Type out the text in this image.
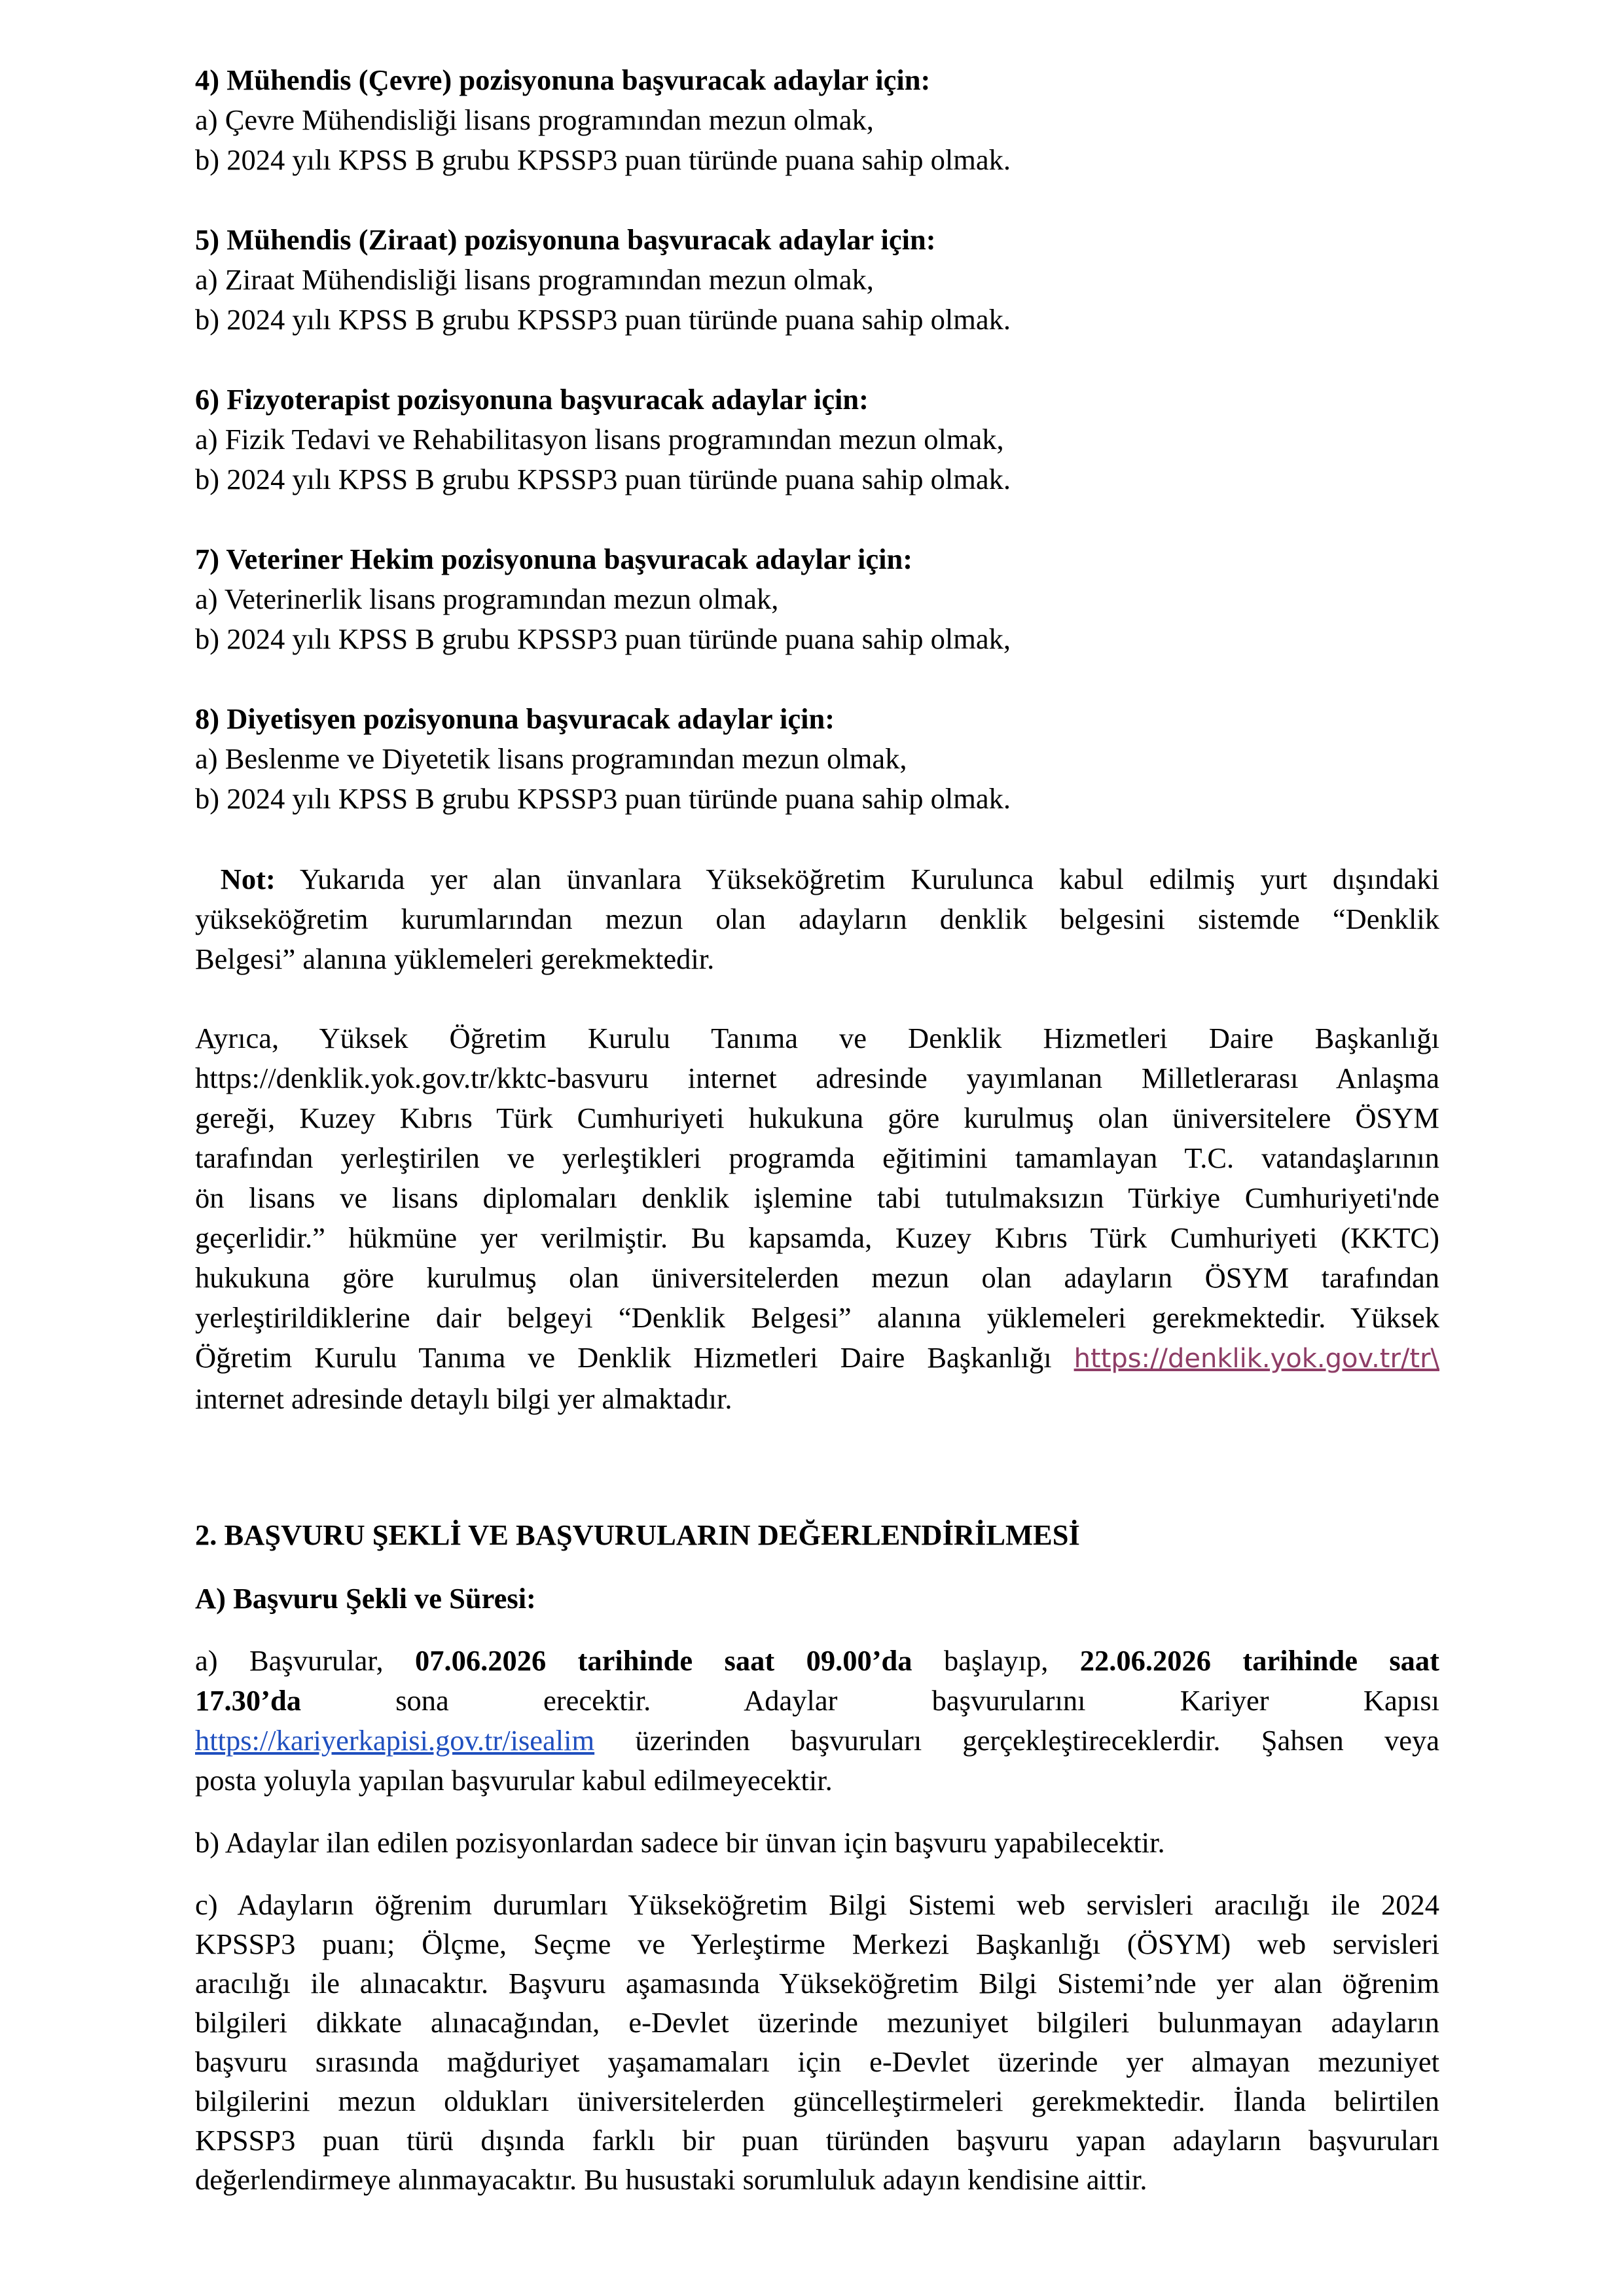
4) Mühendis (Çevre) pozisyonuna başvuracak adaylar için:
a) Çevre Mühendisliği lisans programından mezun olmak,
b) 2024 yılı KPSS B grubu KPSSP3 puan türünde puana sahip olmak.
5) Mühendis (Ziraat) pozisyonuna başvuracak adaylar için:
a) Ziraat Mühendisliği lisans programından mezun olmak,
b) 2024 yılı KPSS B grubu KPSSP3 puan türünde puana sahip olmak.
6) Fizyoterapist pozisyonuna başvuracak adaylar için:
a) Fizik Tedavi ve Rehabilitasyon lisans programından mezun olmak,
b) 2024 yılı KPSS B grubu KPSSP3 puan türünde puana sahip olmak.
7) Veteriner Hekim pozisyonuna başvuracak adaylar için:
a) Veterinerlik lisans programından mezun olmak,
b) 2024 yılı KPSS B grubu KPSSP3 puan türünde puana sahip olmak,
8) Diyetisyen pozisyonuna başvuracak adaylar için:
a) Beslenme ve Diyetetik lisans programından mezun olmak,
b) 2024 yılı KPSS B grubu KPSSP3 puan türünde puana sahip olmak.
Not: Yukarıda yer alan ünvanlara Yükseköğretim Kurulunca kabul edilmiş yurt dışındaki
yükseköğretim kurumlarından mezun olan adayların denklik belgesini sistemde “Denklik
Belgesi” alanına yüklemeleri gerekmektedir.
Ayrıca, Yüksek Öğretim Kurulu Tanıma ve Denklik Hizmetleri Daire Başkanlığı
https://denklik.yok.gov.tr/kktc-basvuru internet adresinde yayımlanan Milletlerarası Anlaşma
gereği, Kuzey Kıbrıs Türk Cumhuriyeti hukukuna göre kurulmuş olan üniversitelere ÖSYM
tarafından yerleştirilen ve yerleştikleri programda eğitimini tamamlayan T.C. vatandaşlarının
ön lisans ve lisans diplomaları denklik işlemine tabi tutulmaksızın Türkiye Cumhuriyeti'nde
geçerlidir.” hükmüne yer verilmiştir. Bu kapsamda, Kuzey Kıbrıs Türk Cumhuriyeti (KKTC)
hukukuna göre kurulmuş olan üniversitelerden mezun olan adayların ÖSYM tarafından
yerleştirildiklerine dair belgeyi “Denklik Belgesi” alanına yüklemeleri gerekmektedir. Yüksek
Öğretim Kurulu Tanıma ve Denklik Hizmetleri Daire Başkanlığı https://denklik.yok.gov.tr/tr\
internet adresinde detaylı bilgi yer almaktadır.
2. BAŞVURU ŞEKLİ VE BAŞVURULARIN DEĞERLENDİRİLMESİ
A) Başvuru Şekli ve Süresi:
a) Başvurular, 07.06.2026 tarihinde saat 09.00’da başlayıp, 22.06.2026 tarihinde saat
17.30’da	sona	erecektir.	Adaylar	başvurularını	Kariyer	Kapısı
https://kariyerkapisi.gov.tr/isealim üzerinden başvuruları gerçekleştireceklerdir. Şahsen veya
posta yoluyla yapılan başvurular kabul edilmeyecektir.
b) Adaylar ilan edilen pozisyonlardan sadece bir ünvan için başvuru yapabilecektir.
c) Adayların öğrenim durumları Yükseköğretim Bilgi Sistemi web servisleri aracılığı ile 2024
KPSSP3 puanı; Ölçme, Seçme ve Yerleştirme Merkezi Başkanlığı (ÖSYM) web servisleri
aracılığı ile alınacaktır. Başvuru aşamasında Yükseköğretim Bilgi Sistemi’nde yer alan öğrenim
bilgileri dikkate alınacağından, e-Devlet üzerinde mezuniyet bilgileri bulunmayan adayların
başvuru sırasında mağduriyet yaşamamaları için e-Devlet üzerinde yer almayan mezuniyet
bilgilerini mezun oldukları üniversitelerden güncelleştirmeleri gerekmektedir. İlanda belirtilen
KPSSP3 puan türü dışında farklı bir puan türünden başvuru yapan adayların başvuruları
değerlendirmeye alınmayacaktır. Bu husustaki sorumluluk adayın kendisine aittir.
